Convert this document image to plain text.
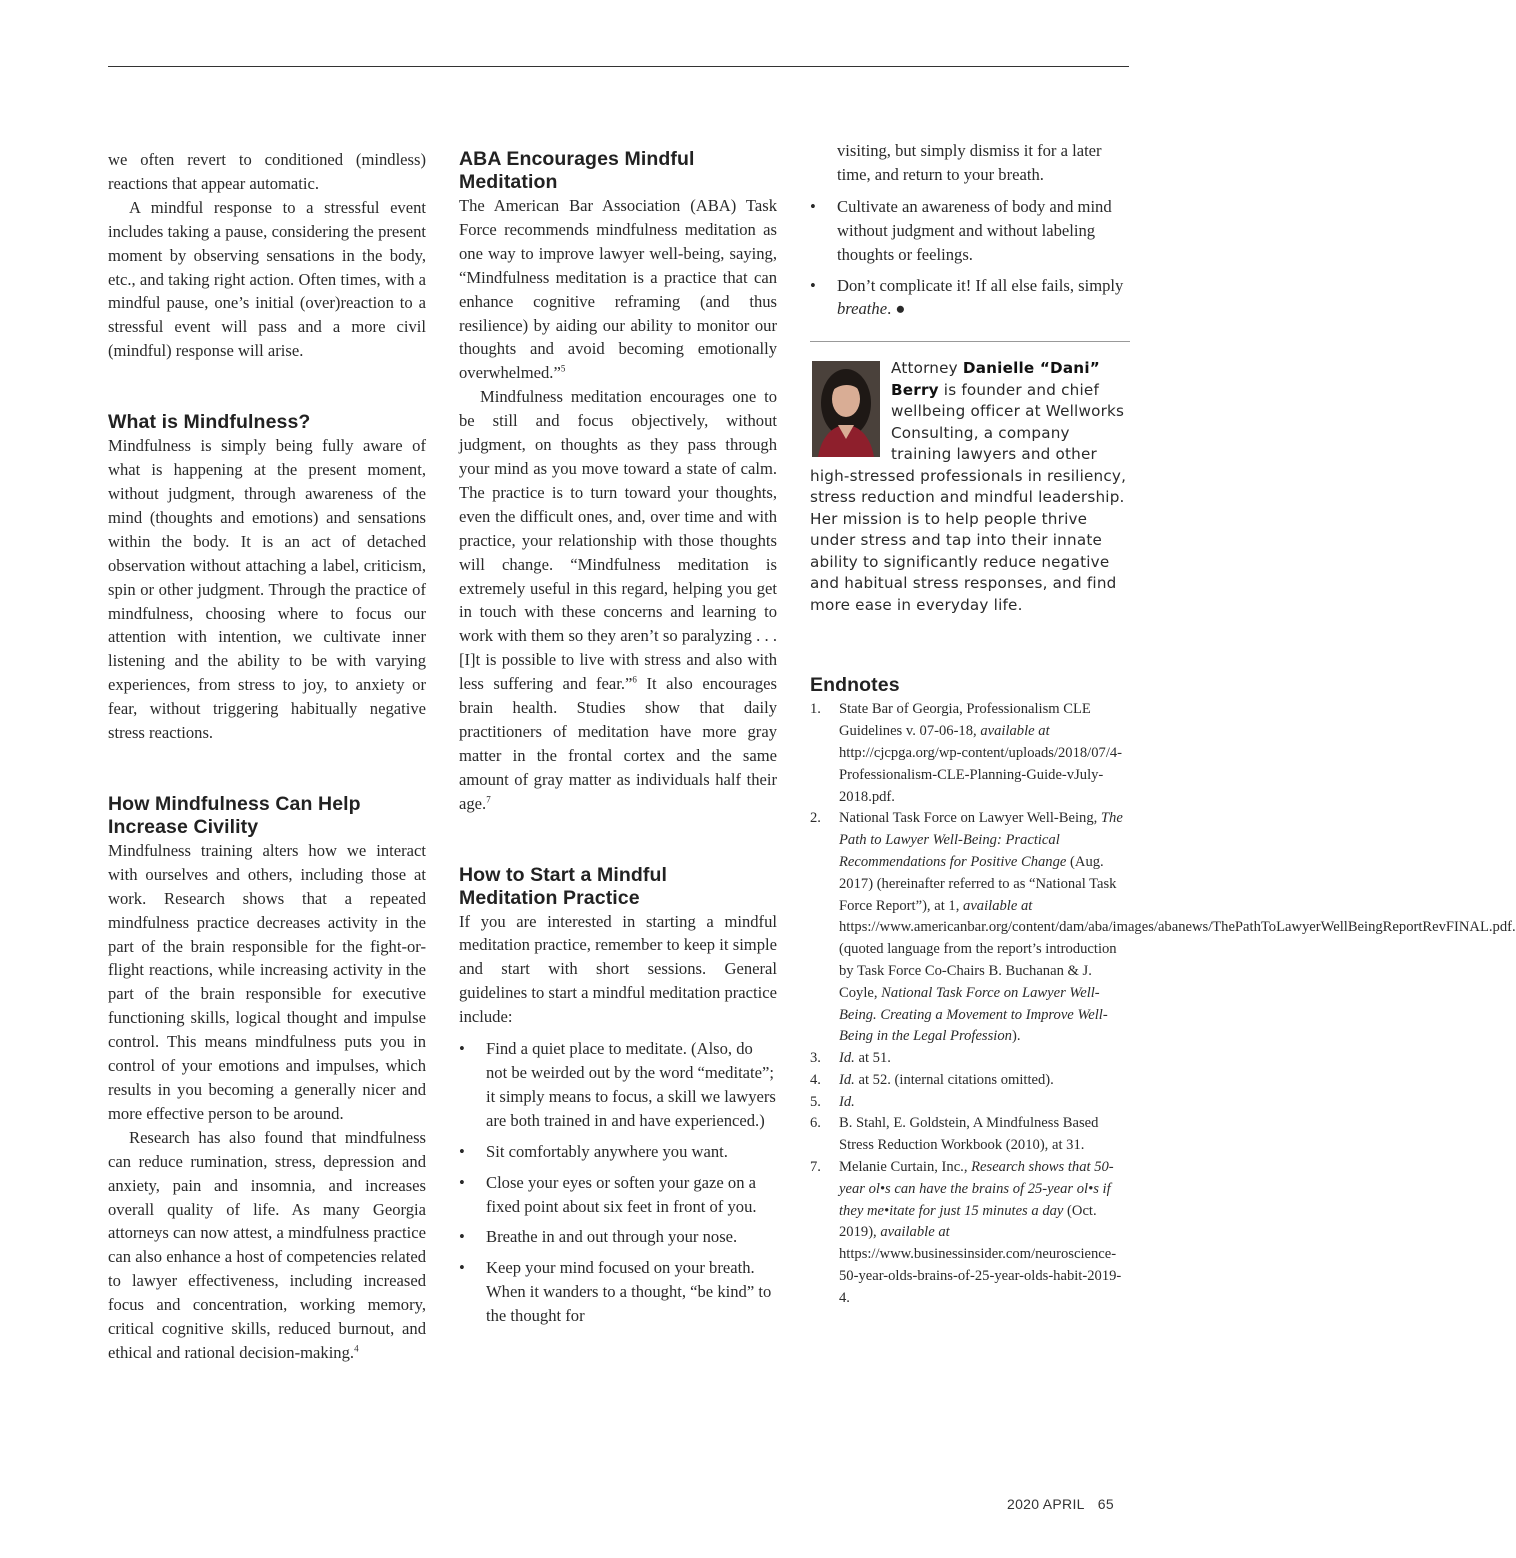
we often revert to conditioned (mindless) reactions that appear automatic.

A mindful response to a stressful event includes taking a pause, considering the present moment by observing sensations in the body, etc., and taking right action. Often times, with a mindful pause, one’s initial (over)reaction to a stressful event will pass and a more civil (mindful) response will arise.

What is Mindfulness?

Mindfulness is simply being fully aware of what is happening at the present moment, without judgment, through awareness of the mind (thoughts and emotions) and sensations within the body. It is an act of detached observation without attaching a label, criticism, spin or other judgment. Through the practice of mindfulness, choosing where to focus our attention with intention, we cultivate inner listening and the ability to be with varying experiences, from stress to joy, to anxiety or fear, without triggering habitually negative stress reactions.

How Mindfulness Can Help
Increase Civility

Mindfulness training alters how we interact with ourselves and others, including those at work. Research shows that a repeated mindfulness practice decreases activity in the part of the brain responsible for the fight-or-flight reactions, while increasing activity in the part of the brain responsible for executive functioning skills, logical thought and impulse control. This means mindfulness puts you in control of your emotions and impulses, which results in you becoming a generally nicer and more effective person to be around.

Research has also found that mindfulness can reduce rumination, stress, depression and anxiety, pain and insomnia, and increases overall quality of life. As many Georgia attorneys can now attest, a mindfulness practice can also enhance a host of competencies related to lawyer effectiveness, including increased focus and concentration, working memory, critical cognitive skills, reduced burnout, and ethical and rational decision-making.$^4$

ABA Encourages Mindful
Meditation

The American Bar Association (ABA) Task Force recommends mindfulness meditation as one way to improve lawyer well-being, saying, “Mindfulness meditation is a practice that can enhance cognitive reframing (and thus resilience) by aiding our ability to monitor our thoughts and avoid becoming emotionally overwhelmed.”$^5$

Mindfulness meditation encourages one to be still and focus objectively, without judgment, on thoughts as they pass through your mind as you move toward a state of calm. The practice is to turn toward your thoughts, even the difficult ones, and, over time and with practice, your relationship with those thoughts will change. “Mindfulness meditation is extremely useful in this regard, helping you get in touch with these concerns and learning to work with them so they aren’t so paralyzing . . . [I]t is possible to live with stress and also with less suffering and fear.”$^6$ It also encourages brain health. Studies show that daily practitioners of meditation have more gray matter in the frontal cortex and the same amount of gray matter as individuals half their age.$^7$

How to Start a Mindful
Meditation Practice

If you are interested in starting a mindful meditation practice, remember to keep it simple and start with short sessions. General guidelines to start a mindful meditation practice include:

• Find a quiet place to meditate. (Also, do not be weirded out by the word “meditate”; it simply means to focus, a skill we lawyers are both trained in and have experienced.)
• Sit comfortably anywhere you want.
• Close your eyes or soften your gaze on a fixed point about six feet in front of you.
• Breathe in and out through your nose.
• Keep your mind focused on your breath. When it wanders to a thought, “be kind” to the thought for
visiting, but simply dismiss it for a later time, and return to your breath.
• Cultivate an awareness of body and mind without judgment and without labeling thoughts or feelings.
• Don’t complicate it! If all else fails, simply breathe. ●
Attorney Danielle “Dani” Berry is founder and chief wellbeing officer at Wellworks Consulting, a company training lawyers and other high-stressed professionals in resiliency, stress reduction and mindful leadership. Her mission is to help people thrive under stress and tap into their innate ability to significantly reduce negative and habitual stress responses, and find more ease in everyday life.
Endnotes
1. State Bar of Georgia, Professionalism CLE Guidelines v. 07-06-18, available at http://cjcpga.org/wp-content/uploads/2018/07/4-Professionalism-CLE-Planning-Guide-vJuly-2018.pdf.
2. National Task Force on Lawyer Well-Being, The Path to Lawyer Well-Being: Practical Recommendations for Positive Change (Aug. 2017) (hereinafter referred to as “National Task Force Report”), at 1, available at https://www.americanbar.org/content/dam/aba/images/abanews/ThePathToLawyerWellBeingReportRevFINAL.pdf. (quoted language from the report’s introduction by Task Force Co-Chairs B. Buchanan & J. Coyle, National Task Force on Lawyer Well-Being. Creating a Movement to Improve Well-Being in the Legal Profession).
3. Id. at 51.
4. Id. at 52. (internal citations omitted).
5. Id.
6. B. Stahl, E. Goldstein, A Mindfulness Based Stress Reduction Workbook (2010), at 31.
7. Melanie Curtain, Inc., Research shows that 50-year ol•s can have the brains of 25-year ol•s if they me•itate for just 15 minutes a day (Oct. 2019), available at https://www.businessinsider.com/neuroscience-50-year-olds-brains-of-25-year-olds-habit-2019-4.
2020 APRIL 65
